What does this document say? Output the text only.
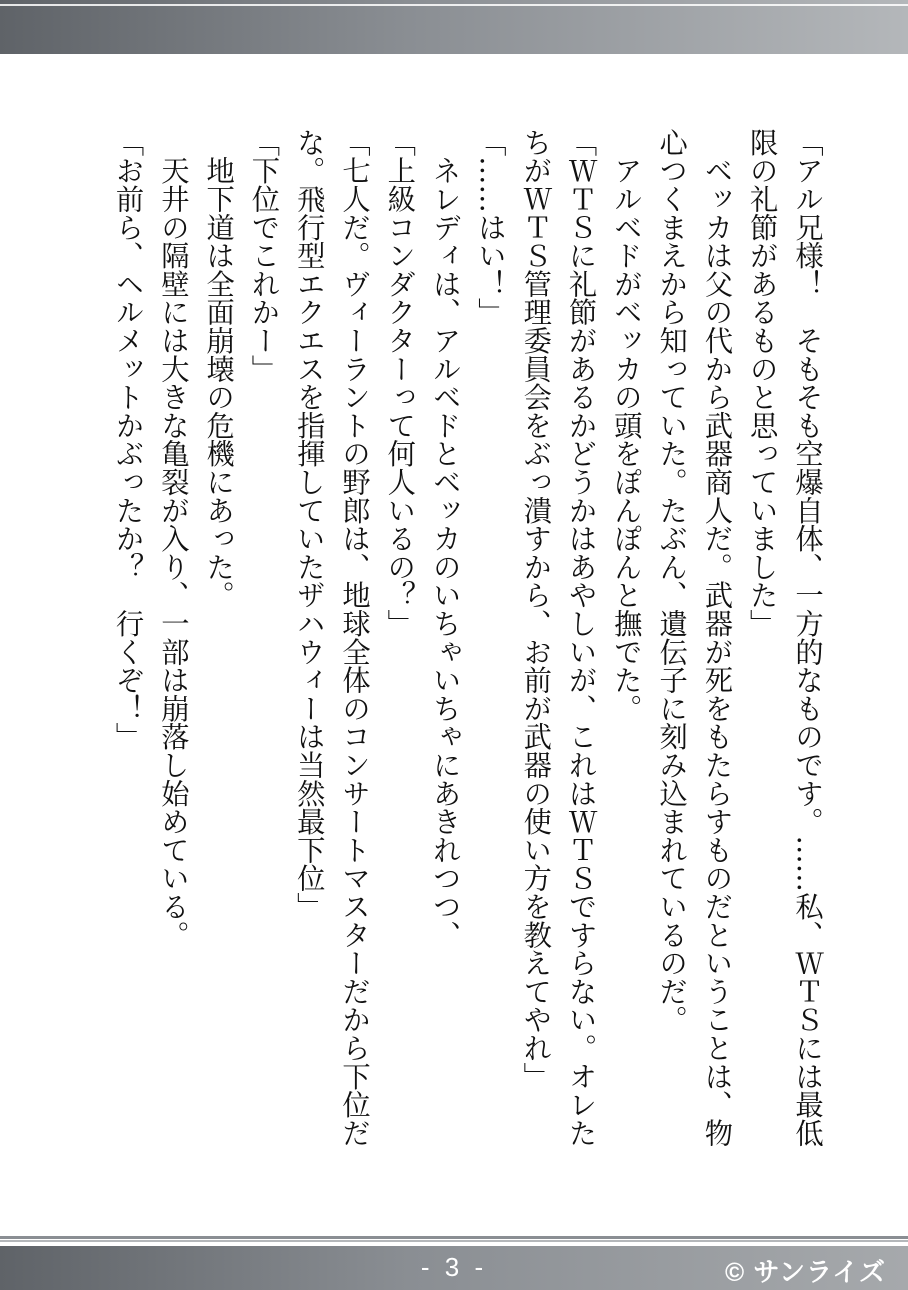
「アル兄様！　そもそも空爆自体、一方的なものです。……私、ＷＴＳには最低限の礼節があるものと思っていました」

　ベッカは父の代から武器商人だ。武器が死をもたらすものだということは、物心つくまえから知っていた。たぶん、遺伝子に刻み込まれているのだ。

　アルベドがベッカの頭をぽんぽんと撫でた。

「ＷＴＳに礼節があるかどうかはあやしいが、これはＷＴＳですらない。オレたちがＷＴＳ管理委員会をぶっ潰すから、お前が武器の使い方を教えてやれ」

「……はい！」

　ネレディは、アルベドとベッカのいちゃいちゃにあきれつつ、

「上級コンダクターって何人いるの？」

「七人だ。ヴィーラントの野郎は、地球全体のコンサートマスターだから下位だな。飛行型エクエスを指揮していたザハウィーは当然最下位」

「下位でこれかー」

　地下道は全面崩壊の危機にあった。

　天井の隔壁には大きな亀裂が入り、一部は崩落し始めている。

「お前ら、ヘルメットかぶったか？　行くぞ！」

- 3 -	© サンライズ
